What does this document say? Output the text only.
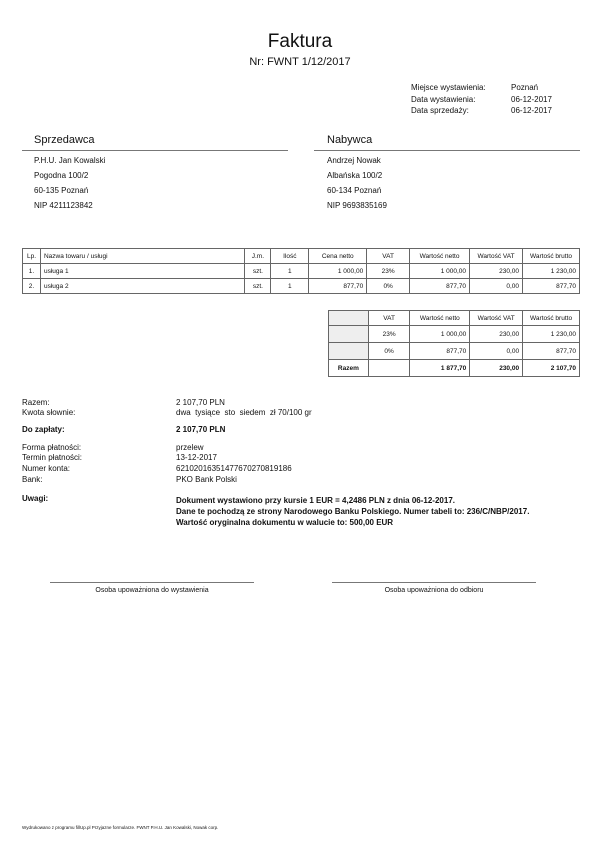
Faktura
Nr: FWNT 1/12/2017
Miejsce wystawienia:	Poznań
Data wystawienia:	06-12-2017
Data sprzedaży:	06-12-2017
Sprzedawca
P.H.U. Jan Kowalski
Pogodna 100/2
60-135 Poznań
NIP 4211123842
Nabywca
Andrzej Nowak
Albańska 100/2
60-134 Poznań
NIP 9693835169
Lp.	Nazwa towaru / usługi	J.m.	Ilość	Cena netto	VAT	Wartość netto	Wartość VAT	Wartość brutto
1.	usługa 1	szt.	1	1 000,00	23%	1 000,00	230,00	1 230,00
2.	usługa 2	szt.	1	877,70	0%	877,70	0,00	877,70
	VAT	Wartość netto	Wartość VAT	Wartość brutto
	23%	1 000,00	230,00	1 230,00
	0%	877,70	0,00	877,70
Razem		1 877,70	230,00	2 107,70
Razem:	2 107,70 PLN
Kwota słownie:	dwa  tysiące  sto  siedem  zł 70/100 gr
Do zapłaty:	2 107,70 PLN
Forma płatności:	przelew
Termin płatności:	13-12-2017
Numer konta:	62102016351477670270819186
Bank:	PKO Bank Polski
Uwagi:	Dokument wystawiono przy kursie 1 EUR = 4,2486 PLN z dnia 06-12-2017.
Dane te pochodzą ze strony Narodowego Banku Polskiego. Numer tabeli to: 236/C/NBP/2017.
Wartość oryginalna dokumentu w walucie to: 500,00 EUR
Osoba upoważniona do wystawienia	Osoba upoważniona do odbioru
Wydrukowano z programu fillUp.pl Przyjazne formularze. FWNT P.H.U. Jan Kowalski, Nowak corp.
